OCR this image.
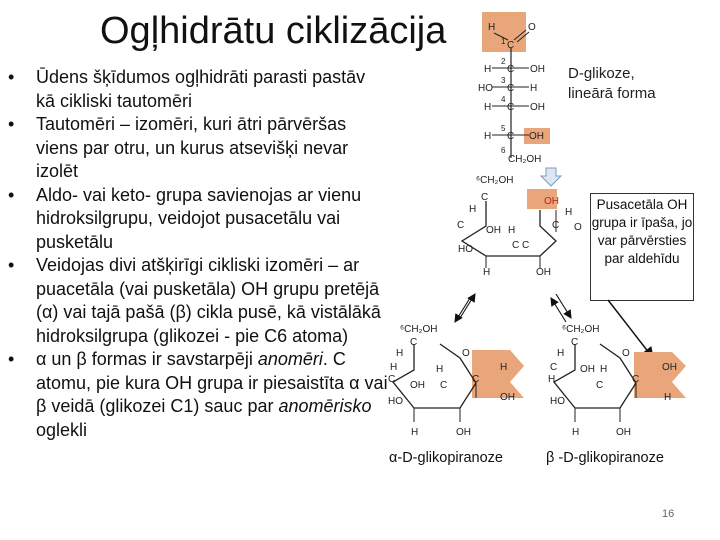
Ogļhidrātu ciklizācija
• Ūdens šķīdumos ogļhidrāti parasti pastāv kā cikliski tautomēri
• Tautomēri – izomēri, kuri ātri pārvēršas viens par otru, un kurus atsevišķi nevar izolēt
• Aldo- vai keto- grupa savienojas ar vienu hidroksilgrupu, veidojot pusacetālu vai pusketālu
• Veidojas divi atšķirīgi cikliski izomēri – ar puacetāla (vai pusketāla) OH grupu pretējā (α) vai tajā pašā (β) cikla pusē, kā vistālākā hidroksilgrupa (glikozei - pie C6 atoma)
• α un β formas ir savstarpēji anomēri. C atomu, pie kura OH grupa ir piesaistīta α vai β veidā (glikozei C1) sauc par anomērisko oglekli
D-glikoze,
lineārā forma
Pusacetāla OH grupa ir īpaša, jo var pārvērsties par aldehīdu
α-D-glikopiranoze	β -D-glikopiranoze
16
H
C
O
H C OH
HO C H
H C OH
H C OH
CH₂OH
1
2
3
4
5
6
⁶CH₂OH
H
C	OH
H
C O
C OH
HO
H
H
C
OH
C
⁶CH₂OH
H
C
O
H
C
OH
H
C
H
C
OH
HO
H	OH
⁶CH₂OH
H
C
O
OH
C
OH H
C
C
H
H
HO
H	OH
